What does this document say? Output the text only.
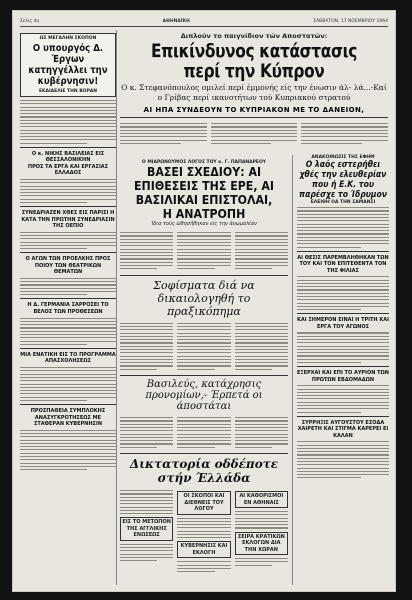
Σελίς 4η	ΑΘΗΝΑΪΚΗ	ΣΑΒΒΑΤΟΝ, 17 ΝΟΕΜΒΡΙΟΥ 1964
ΩΣ ΜΕΓΑΛΗΝ ΣΚΟΠΟΝ
Ο υπουργός Δ. Έργων κατηγγέλλει την κυβέρνησιν!
ΕΚΔΙΔΕΛΙΕ ΤΗΝ ΒΟΡΑΝ
Ο κ. ΝΙΚΗΣ ΒΑΣΙΛΕΙΑΣ ΕΙΣ ΘΕΣΣΑΛΟΝΙΚΗΝ
ΠΡΟΣ ΤΑ ΕΡΓΑ ΚΑΙ ΕΡΓΑΣΙΑΣ ΕΛΛΑΔΟΣ
ΣΥΝΕΔΡΙΑΣΕΝ ΧΘΕΣ ΕΙΣ ΠΑΡΙΣΙ Η ΚΑΤΑ ΤΗΝ ΠΡΩΤΗΝ ΣΥΝΕΔΡΙΑΣΙΝ ΤΗΣ ΟΕΠΙΟ
Ο ΑΓΩΝ ΤΩΝ ΠΡΟΕΛΚΗΣ ΠΡΟΣ ΠΟΙΟΥ ΤΩΝ ΘΕΑΤΡΙΚΩΝ ΘΕΜΑΤΩΝ
Η Δ. ΓΕΡΜΑΝΙΑ ΣΑΡΡΟΣΕΙ ΤΟ ΒΕΛΟΣ ΤΩΝ ΠΡΟΘΕΣΕΩΝ
ΜΙΑ ΕΝΑΤΙΚΗ ΕΙΣ ΤΟ ΠΡΟΓΡΑΜΜΑ ΑΠΑΣΧΟΛΗΣΕΩΣ
ΠΡΟΣΠΑΘΕΙΑ ΣΥΜΠΛΟΚΗΣ ΑΝΑΣΥΓΚΡΟΤΗΣΕΩΣ ΜΕ ΣΤΑΘΕΡΑΝ ΚΥΒΕΡΝΗΣΙΝ
Διπλούν το παιγνίδιον τών Αποστατών:
Επικίνδυνος κατάστασις περί την Κύπρον
Ο κ. Στεφανόπουλος ομιλεί περί έμμονής είς την ένωσιν άλ- λά...-Καί ο Γρίβας περί ικανοτήτων τού Κυπριακού στρατού
ΑΙ ΗΠΑ ΣΥΝΔΕΟΥΝ ΤΟ ΚΥΠΡΙΑΚΟΝ ΜΕ ΤΟ ΔΑΝΕΙΟΝ,
Ο ΜΙΑΡΩΝΟΥΜΟΣ ΛΟΓΟΣ ΤΟΥ κ. Γ. ΠΑΠΑΝΔΡΕΟΥ
ΒΑΣΕΙ ΣΧΕΔΙΟΥ: ΑΙ ΕΠΙΘΕΣΕΙΣ ΤΗΣ ΕΡΕ, ΑΙ ΒΑΣΙΛΙΚΑΙ ΕΠΙΣΤΟΛΑΙ, Η ΑΝΑΤΡΟΠΗ
Ίδια τούς ώθησήθηκαν είς την άνωμαλίαν
Σοφίσματα διά να δικαιολογηθή το πραξικόπημα
Βασιλεύς, κατάχρησις προνομίων,- Έρπετά οι άποστάται
ΑΝΑΚΟΙΝΩΣΙΣ ΤΗΣ ΕΦΗΜ
Ο λαός εστερήθει χθές την ελευθερίαν που ή Ε.Κ. του παρέσχε το Ίδρυμον
ΕΛΕΙΘΗ ΟΑ ΤΗΝ ΣΑΜΑΝΣΙ
ΑΙ ΘΕΣΙΣ ΠΑΡΕΜΒΛΗΘΗΚΑΝ ΤΩΝ ΤΟΥ ΚΑΙ ΤΟΝ ΕΠΙΤΕΘΕΝΤΑ ΤΟΝ ΤΗΣ ΦΙΛΙΑΣ
ΚΑΙ ΣΗΜΕΡΟΝ ΕΙΝΑΙ Η ΤΡΙΤΗ ΚΑΙ ΕΡΓΑ ΤΟΥ ΑΓΩΝΟΣ
ΕΞΕΡΧΑΙ ΚΑΙ ΕΠΙ ΤΟ ΑΥΡΙΟΝ ΤΩΝ ΠΡΩΤΩΝ ΕΒΔΟΜΑΔΩΝ
ΣΥΡΡΗΞΙΣ ΑΥΓΟΥΣΤΟΥ ΕΣΟΔΑ ΧΑΙΡΕΤΗ ΚΑΙ ΣΤΙΓΜΑ ΚΑΡΕΡΕΙ ΕΙ ΚΑΛΑΝ
Δικτατορία οδδέποτε στήν Έλλάδα
ΕΙΣ ΤΟ ΜΕΤΩΠΟΝ ΤΗΣ ΑΓΓΛΙΚΗΣ ΕΝΩΣΕΩΣ
ΟΙ ΣΚΟΠΟΙ ΚΑΙ ΔΙΕΘΝΕΙΣ ΤΟΥ ΛΟΓΟΥ
ΚΥΒΕΡΝΗΣΙΣ ΚΑΙ ΕΚΛΟΓΗ
ΑΙ ΚΑΘΟΡΙΣΜΟΙ ΕΝ ΑΘΗΝΑΙΣ
ΣΕΙΡΑ ΚΡΑΤΙΚΩΝ ΕΚΛΟΓΩΝ ΔΙΑ ΤΗΝ ΧΩΡΑΝ
